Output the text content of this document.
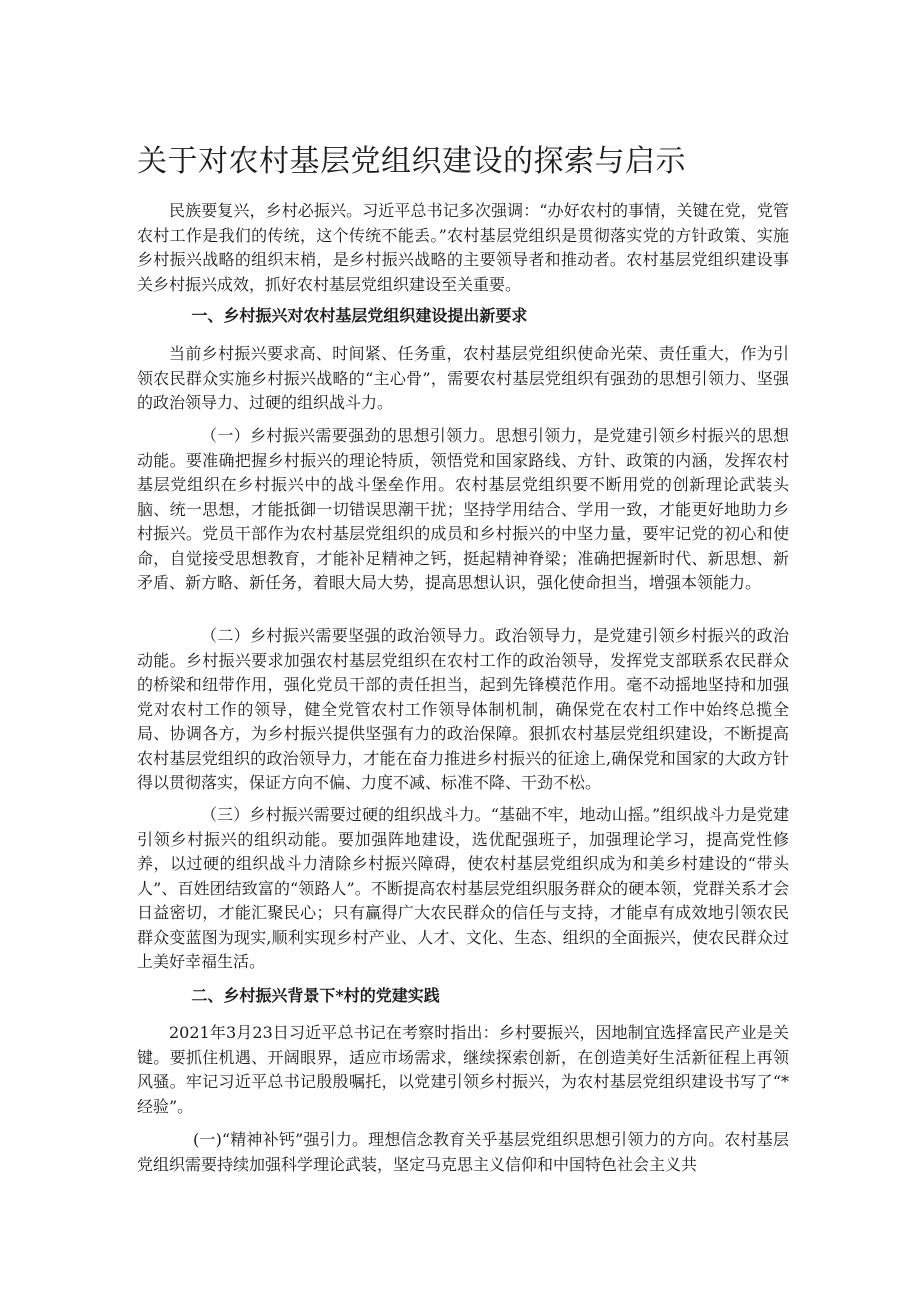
关于对农村基层党组织建设的探索与启示

民族要复兴，乡村必振兴。习近平总书记多次强调：“办好农村的事情，关键在党，党管农村工作是我们的传统，这个传统不能丢。”农村基层党组织是贯彻落实党的方针政策、实施乡村振兴战略的组织末梢，是乡村振兴战略的主要领导者和推动者。农村基层党组织建设事关乡村振兴成效，抓好农村基层党组织建设至关重要。

一、乡村振兴对农村基层党组织建设提出新要求

当前乡村振兴要求高、时间紧、任务重，农村基层党组织使命光荣、责任重大，作为引领农民群众实施乡村振兴战略的“主心骨”，需要农村基层党组织有强劲的思想引领力、坚强的政治领导力、过硬的组织战斗力。

（一）乡村振兴需要强劲的思想引领力。思想引领力，是党建引领乡村振兴的思想动能。要准确把握乡村振兴的理论特质，领悟党和国家路线、方针、政策的内涵，发挥农村基层党组织在乡村振兴中的战斗堡垒作用。农村基层党组织要不断用党的创新理论武装头脑、统一思想，才能抵御一切错误思潮干扰；坚持学用结合、学用一致，才能更好地助力乡村振兴。党员干部作为农村基层党组织的成员和乡村振兴的中坚力量，要牢记党的初心和使命，自觉接受思想教育，才能补足精神之钙，挺起精神脊梁；准确把握新时代、新思想、新矛盾、新方略、新任务，着眼大局大势，提高思想认识，强化使命担当，增强本领能力。

（二）乡村振兴需要坚强的政治领导力。政治领导力，是党建引领乡村振兴的政治动能。乡村振兴要求加强农村基层党组织在农村工作的政治领导，发挥党支部联系农民群众的桥梁和纽带作用，强化党员干部的责任担当，起到先锋模范作用。毫不动摇地坚持和加强党对农村工作的领导，健全党管农村工作领导体制机制，确保党在农村工作中始终总揽全局、协调各方，为乡村振兴提供坚强有力的政治保障。狠抓农村基层党组织建设，不断提高农村基层党组织的政治领导力，才能在奋力推进乡村振兴的征途上,确保党和国家的大政方针得以贯彻落实，保证方向不偏、力度不减、标准不降、干劲不松。

（三）乡村振兴需要过硬的组织战斗力。“基础不牢，地动山摇。”组织战斗力是党建引领乡村振兴的组织动能。要加强阵地建设，选优配强班子，加强理论学习，提高党性修养，以过硬的组织战斗力清除乡村振兴障碍，使农村基层党组织成为和美乡村建设的“带头人”、百姓团结致富的“领路人”。不断提高农村基层党组织服务群众的硬本领，党群关系才会日益密切，才能汇聚民心；只有赢得广大农民群众的信任与支持，才能卓有成效地引领农民群众变蓝图为现实,顺利实现乡村产业、人才、文化、生态、组织的全面振兴，使农民群众过上美好幸福生活。

二、乡村振兴背景下*村的党建实践

2021年3月23日习近平总书记在考察时指出：乡村要振兴，因地制宜选择富民产业是关键。要抓住机遇、开阔眼界，适应市场需求，继续探索创新，在创造美好生活新征程上再领风骚。牢记习近平总书记殷殷嘱托，以党建引领乡村振兴，为农村基层党组织建设书写了“*经验”。

(一)“精神补钙”强引力。理想信念教育关乎基层党组织思想引领力的方向。农村基层党组织需要持续加强科学理论武装，坚定马克思主义信仰和中国特色社会主义共
